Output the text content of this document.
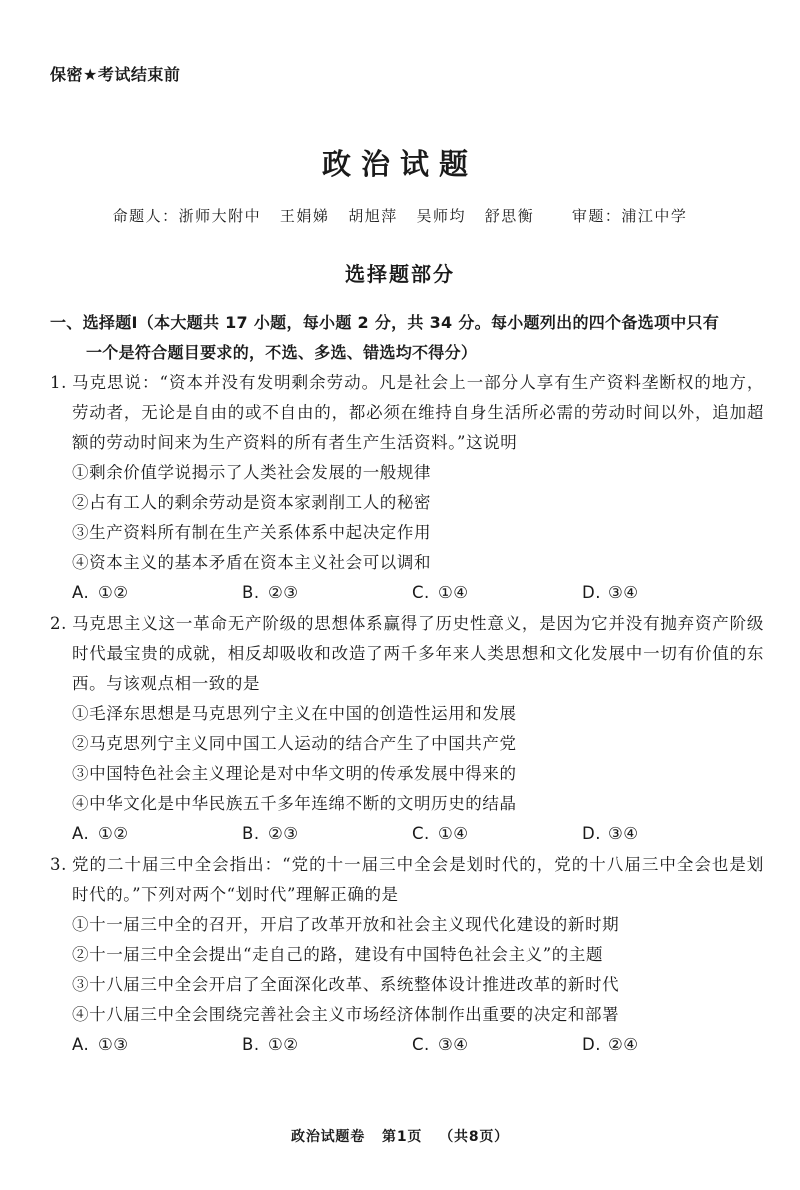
保密★考试结束前
政治试题
命题人：浙师大附中   王娟娣   胡旭萍   吴师均   舒思衡      审题：浦江中学
选择题部分
一、选择题Ⅰ（本大题共 17 小题，每小题 2 分，共 34 分。每小题列出的四个备选项中只有
一个是符合题目要求的，不选、多选、错选均不得分）
1. 马克思说：“资本并没有发明剩余劳动。凡是社会上一部分人享有生产资料垄断权的地方，劳动者，无论是自由的或不自由的，都必须在维持自身生活所必需的劳动时间以外，追加超额的劳动时间来为生产资料的所有者生产生活资料。”这说明
①剩余价值学说揭示了人类社会发展的一般规律
②占有工人的剩余劳动是资本家剥削工人的秘密
③生产资料所有制在生产关系体系中起决定作用
④资本主义的基本矛盾在资本主义社会可以调和
A. ①②	B. ②③	C. ①④	D. ③④
2. 马克思主义这一革命无产阶级的思想体系赢得了历史性意义，是因为它并没有抛弃资产阶级时代最宝贵的成就，相反却吸收和改造了两千多年来人类思想和文化发展中一切有价值的东西。与该观点相一致的是
①毛泽东思想是马克思列宁主义在中国的创造性运用和发展
②马克思列宁主义同中国工人运动的结合产生了中国共产党
③中国特色社会主义理论是对中华文明的传承发展中得来的
④中华文化是中华民族五千多年连绵不断的文明历史的结晶
A. ①②	B. ②③	C. ①④	D. ③④
3. 党的二十届三中全会指出：“党的十一届三中全会是划时代的，党的十八届三中全会也是划时代的。”下列对两个“划时代”理解正确的是
①十一届三中全的召开，开启了改革开放和社会主义现代化建设的新时期
②十一届三中全会提出“走自己的路，建设有中国特色社会主义”的主题
③十八届三中全会开启了全面深化改革、系统整体设计推进改革的新时代
④十八届三中全会围绕完善社会主义市场经济体制作出重要的决定和部署
A. ①③	B. ①②	C. ③④	D. ②④
政治试题卷   第1页   （共8页）
